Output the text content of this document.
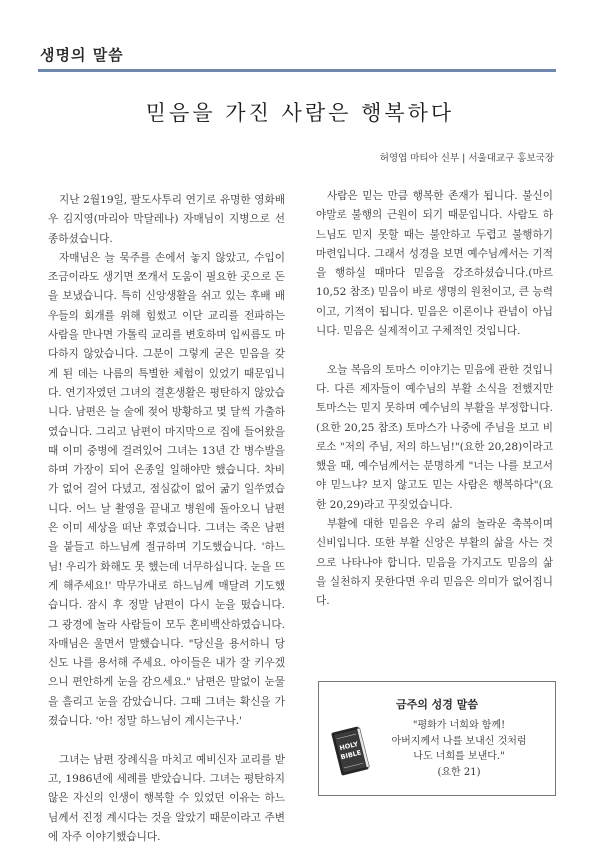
생명의 말씀
믿음을 가진 사람은 행복하다
허영엽 마티아 신부 | 서울대교구 홍보국장

지난 2월19일, 팔도사투리 연기로 유명한 영화배우 김지영(마리아 막달레나) 자매님이 지병으로 선종하셨습니다.

자매님은 늘 묵주를 손에서 놓지 않았고, 수입이 조금이라도 생기면 쪼개서 도움이 필요한 곳으로 돈을 보냈습니다. 특히 신앙생활을 쉬고 있는 후배 배우들의 회개를 위해 힘썼고 이단 교리를 전파하는 사람을 만나면 가톨릭 교리를 변호하며 입씨름도 마다하지 않았습니다. 그분이 그렇게 굳은 믿음을 갖게 된 데는 나름의 특별한 체험이 있었기 때문입니다. 연기자였던 그녀의 결혼생활은 평탄하지 않았습니다. 남편은 늘 술에 젖어 방황하고 몇 달씩 가출하였습니다. 그리고 남편이 마지막으로 집에 들어왔을 때 이미 중병에 걸려있어 그녀는 13년 간 병수발을 하며 가장이 되어 온종일 일해야만 했습니다. 차비가 없어 걸어 다녔고, 점심값이 없어 굶기 일쑤였습니다. 어느 날 촬영을 끝내고 병원에 돌아오니 남편은 이미 세상을 떠난 후였습니다. 그녀는 죽은 남편을 붙들고 하느님께 절규하며 기도했습니다. '하느님! 우리가 화해도 못 했는데 너무하십니다. 눈을 뜨게 해주세요!' 막무가내로 하느님께 매달려 기도했습니다. 잠시 후 정말 남편이 다시 눈을 떴습니다. 그 광경에 놀라 사람들이 모두 혼비백산하였습니다. 자매님은 울면서 말했습니다. "당신을 용서하니 당신도 나를 용서해 주세요. 아이들은 내가 잘 키우겠으니 편안하게 눈을 감으세요." 남편은 말없이 눈물을 흘리고 눈을 감았습니다. 그때 그녀는 확신을 가졌습니다. '아! 정말 하느님이 계시는구나.'

그녀는 남편 장례식을 마치고 예비신자 교리를 받고, 1986년에 세례를 받았습니다. 그녀는 평탄하지 않은 자신의 인생이 행복할 수 있었던 이유는 하느님께서 진정 계시다는 것을 알았기 때문이라고 주변에 자주 이야기했습니다.

사람은 믿는 만큼 행복한 존재가 됩니다. 불신이야말로 불행의 근원이 되기 때문입니다. 사람도 하느님도 믿지 못할 때는 불안하고 두렵고 불행하기 마련입니다. 그래서 성경을 보면 예수님께서는 기적을 행하실 때마다 믿음을 강조하셨습니다.(마르 10,52 참조) 믿음이 바로 생명의 원천이고, 큰 능력이고, 기적이 됩니다. 믿음은 이론이나 관념이 아닙니다. 믿음은 실제적이고 구체적인 것입니다.

오늘 복음의 토마스 이야기는 믿음에 관한 것입니다. 다른 제자들이 예수님의 부활 소식을 전했지만 토마스는 믿지 못하며 예수님의 부활을 부정합니다.(요한 20,25 참조) 토마스가 나중에 주님을 보고 비로소 "저의 주님, 저의 하느님!"(요한 20,28)이라고 했을 때, 예수님께서는 분명하게 "너는 나를 보고서야 믿느냐? 보지 않고도 믿는 사람은 행복하다"(요한 20,29)라고 꾸짖었습니다.

부활에 대한 믿음은 우리 삶의 놀라운 축복이며 신비입니다. 또한 부활 신앙은 부활의 삶을 사는 것으로 나타나야 합니다. 믿음을 가지고도 믿음의 삶을 실천하지 못한다면 우리 믿음은 의미가 없어집니다.

금주의 성경 말씀
HOLY
BIBLE
"평화가 너희와 함께!
아버지께서 나를 보내신 것처럼
나도 너희를 보낸다."
(요한 21)
